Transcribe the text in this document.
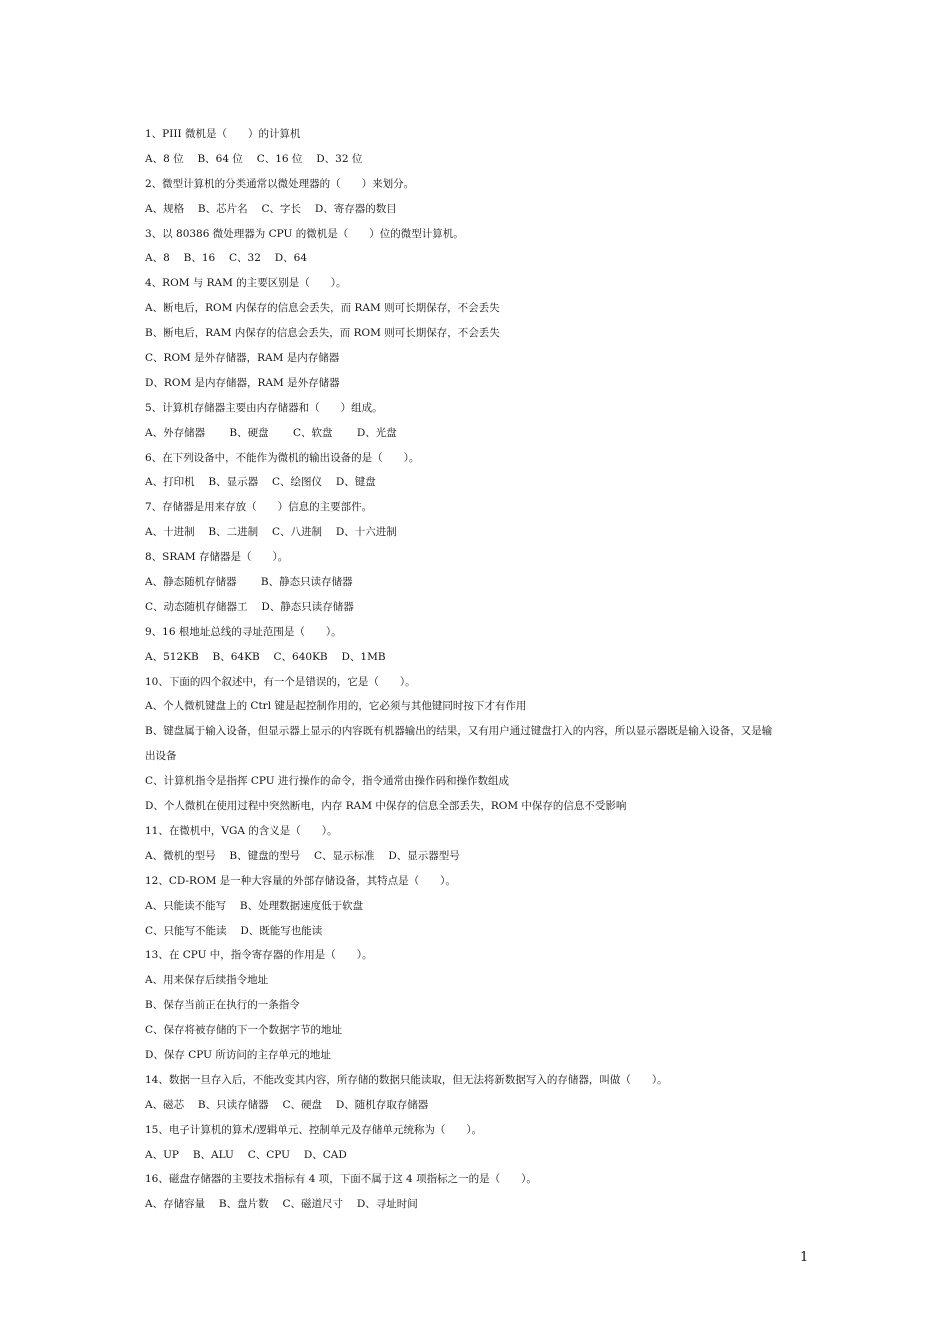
1、PIII 微机是（　　）的计算机
A、8 位　 B、64 位　 C、16 位　 D、32 位
2、微型计算机的分类通常以微处理器的（　　）来划分。
A、规格　 B、芯片名　 C、字长　 D、寄存器的数目
3、以 80386 微处理器为 CPU 的微机是（　　）位的微型计算机。
A、8　 B、16　 C、32　 D、64
4、ROM 与 RAM 的主要区别是（　　）。
A、断电后，ROM 内保存的信息会丢失，而 RAM 则可长期保存，不会丢失
B、断电后，RAM 内保存的信息会丢失，而 ROM 则可长期保存，不会丢失
C、ROM 是外存储器，RAM 是内存储器
D、ROM 是内存储器，RAM 是外存储器
5、计算机存储器主要由内存储器和（　　）组成。
A、外存储器　　 B、硬盘　　 C、软盘　　 D、光盘
6、在下列设备中，不能作为微机的输出设备的是（　　）。
A、打印机　 B、显示器　 C、绘图仪　 D、键盘
7、存储器是用来存放（　　）信息的主要部件。
A、十进制　 B、二进制　 C、八进制　 D、十六进制
8、SRAM 存储器是（　　）。
A、静态随机存储器　　 B、静态只读存储器
C、动态随机存储器工　 D、静态只读存储器
9、16 根地址总线的寻址范围是（　　）。
A、512KB　 B、64KB　 C、640KB　 D、1MB
10、下面的四个叙述中，有一个是错误的，它是（　　）。
A、个人微机键盘上的 Ctrl 键是起控制作用的，它必须与其他键同时按下才有作用
B、键盘属于输入设备，但显示器上显示的内容既有机器输出的结果，又有用户通过键盘打入的内容，所以显示器既是输入设备，又是输
出设备
C、计算机指令是指挥 CPU 进行操作的命令，指令通常由操作码和操作数组成
D、个人微机在使用过程中突然断电，内存 RAM 中保存的信息全部丢失，ROM 中保存的信息不受影响
11、在微机中，VGA 的含义是（　　）。
A、微机的型号　 B、键盘的型号　 C、显示标准　 D、显示器型号
12、CD-ROM 是一种大容量的外部存储设备，其特点是（　　）。
A、只能读不能写　 B、处理数据速度低于软盘
C、只能写不能读　 D、既能写也能读
13、在 CPU 中，指令寄存器的作用是（　　）。
A、用来保存后续指令地址
B、保存当前正在执行的一条指令
C、保存将被存储的下一个数据字节的地址
D、保存 CPU 所访问的主存单元的地址
14、数据一旦存入后，不能改变其内容，所存储的数据只能读取，但无法将新数据写入的存储器，叫做（　　）。
A、磁芯　 B、只读存储器　 C、硬盘　 D、随机存取存储器
15、电子计算机的算术/逻辑单元、控制单元及存储单元统称为（　　）。
A、UP　 B、ALU　 C、CPU　 D、CAD
16、磁盘存储器的主要技术指标有 4 项，下面不属于这 4 项指标之一的是（　　）。
A、存储容量　 B、盘片数　 C、磁道尺寸　 D、寻址时间
1
